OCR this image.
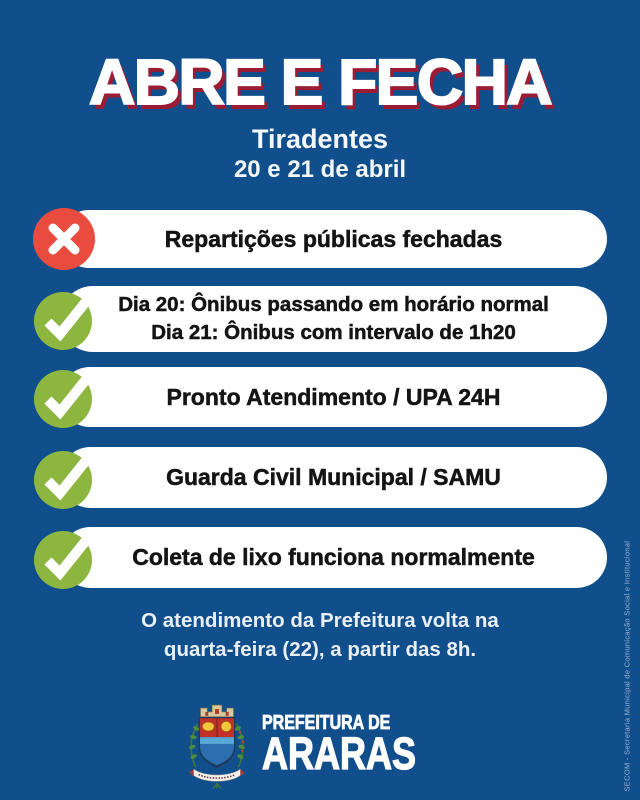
ABRE E FECHA
Tiradentes
20 e 21 de abril
Repartições públicas fechadas
Dia 20: Ônibus passando em horário normal
Dia 21: Ônibus com intervalo de 1h20
Pronto Atendimento / UPA 24H
Guarda Civil Municipal / SAMU
Coleta de lixo funciona normalmente
O atendimento da Prefeitura volta na
quarta-feira (22), a partir das 8h.
PREFEITURA DE
ARARAS	SECOM - Secretaria Municipal de Comunicação Social e Institucional
